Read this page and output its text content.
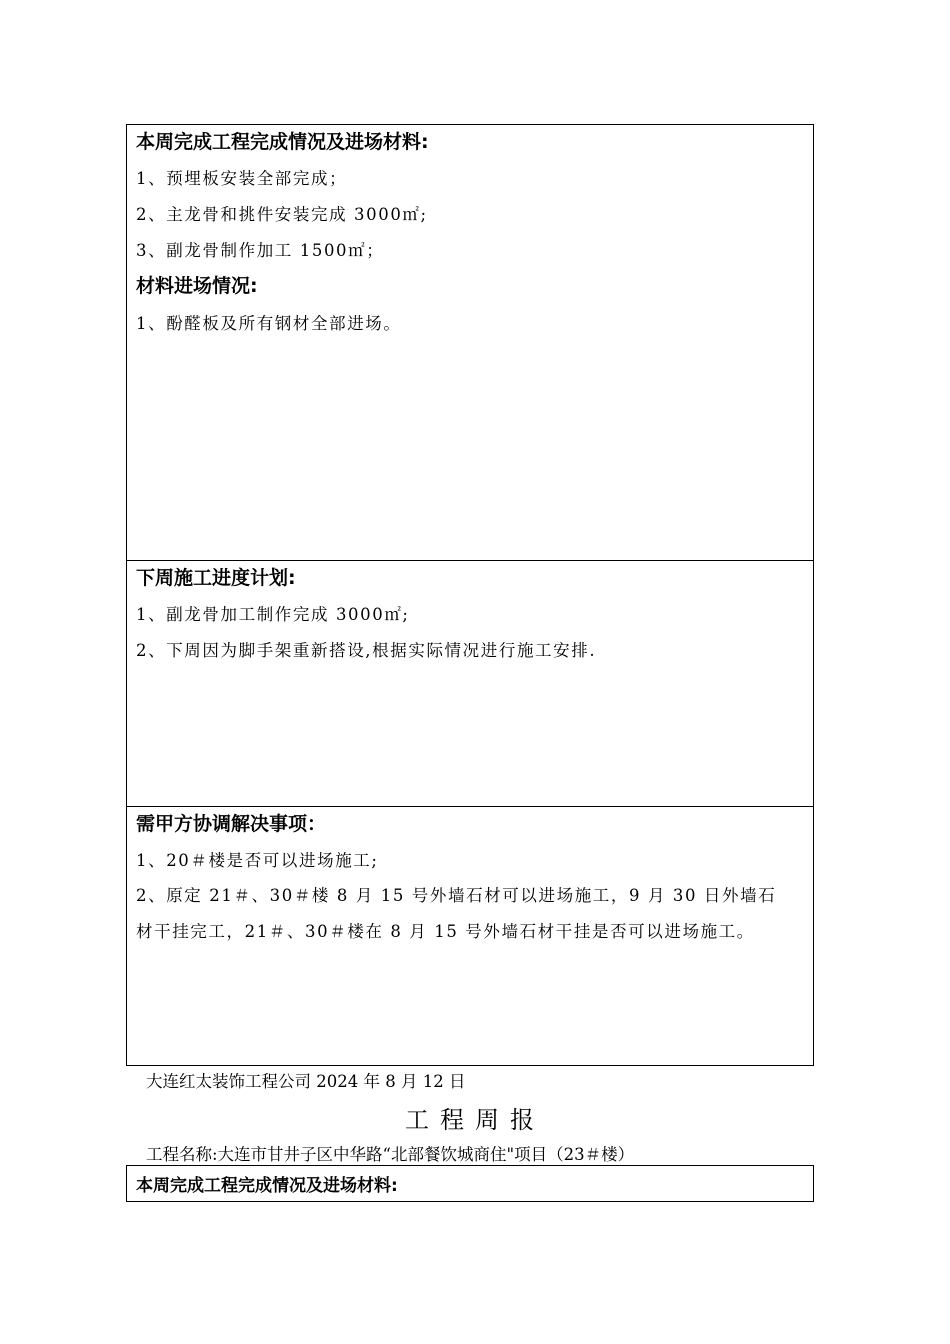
本周完成工程完成情况及进场材料:
1、预埋板安装全部完成；
2、主龙骨和挑件安装完成 3000㎡;
3、副龙骨制作加工 1500㎡；
材料进场情况:
1、酚醛板及所有钢材全部进场。
下周施工进度计划:
1、副龙骨加工制作完成 3000㎡;
2、下周因为脚手架重新搭设,根据实际情况进行施工安排.
需甲方协调解决事项：
1、20＃楼是否可以进场施工;
2、原定 21＃、30＃楼 8 月 15 号外墙石材可以进场施工，9 月 30 日外墙石
材干挂完工，21＃、30＃楼在 8 月 15 号外墙石材干挂是否可以进场施工。
大连红太装饰工程公司 2024 年 8 月 12 日
工程周报
工程名称:大连市甘井子区中华路“北部餐饮城商住"项目（23＃楼）
本周完成工程完成情况及进场材料:
